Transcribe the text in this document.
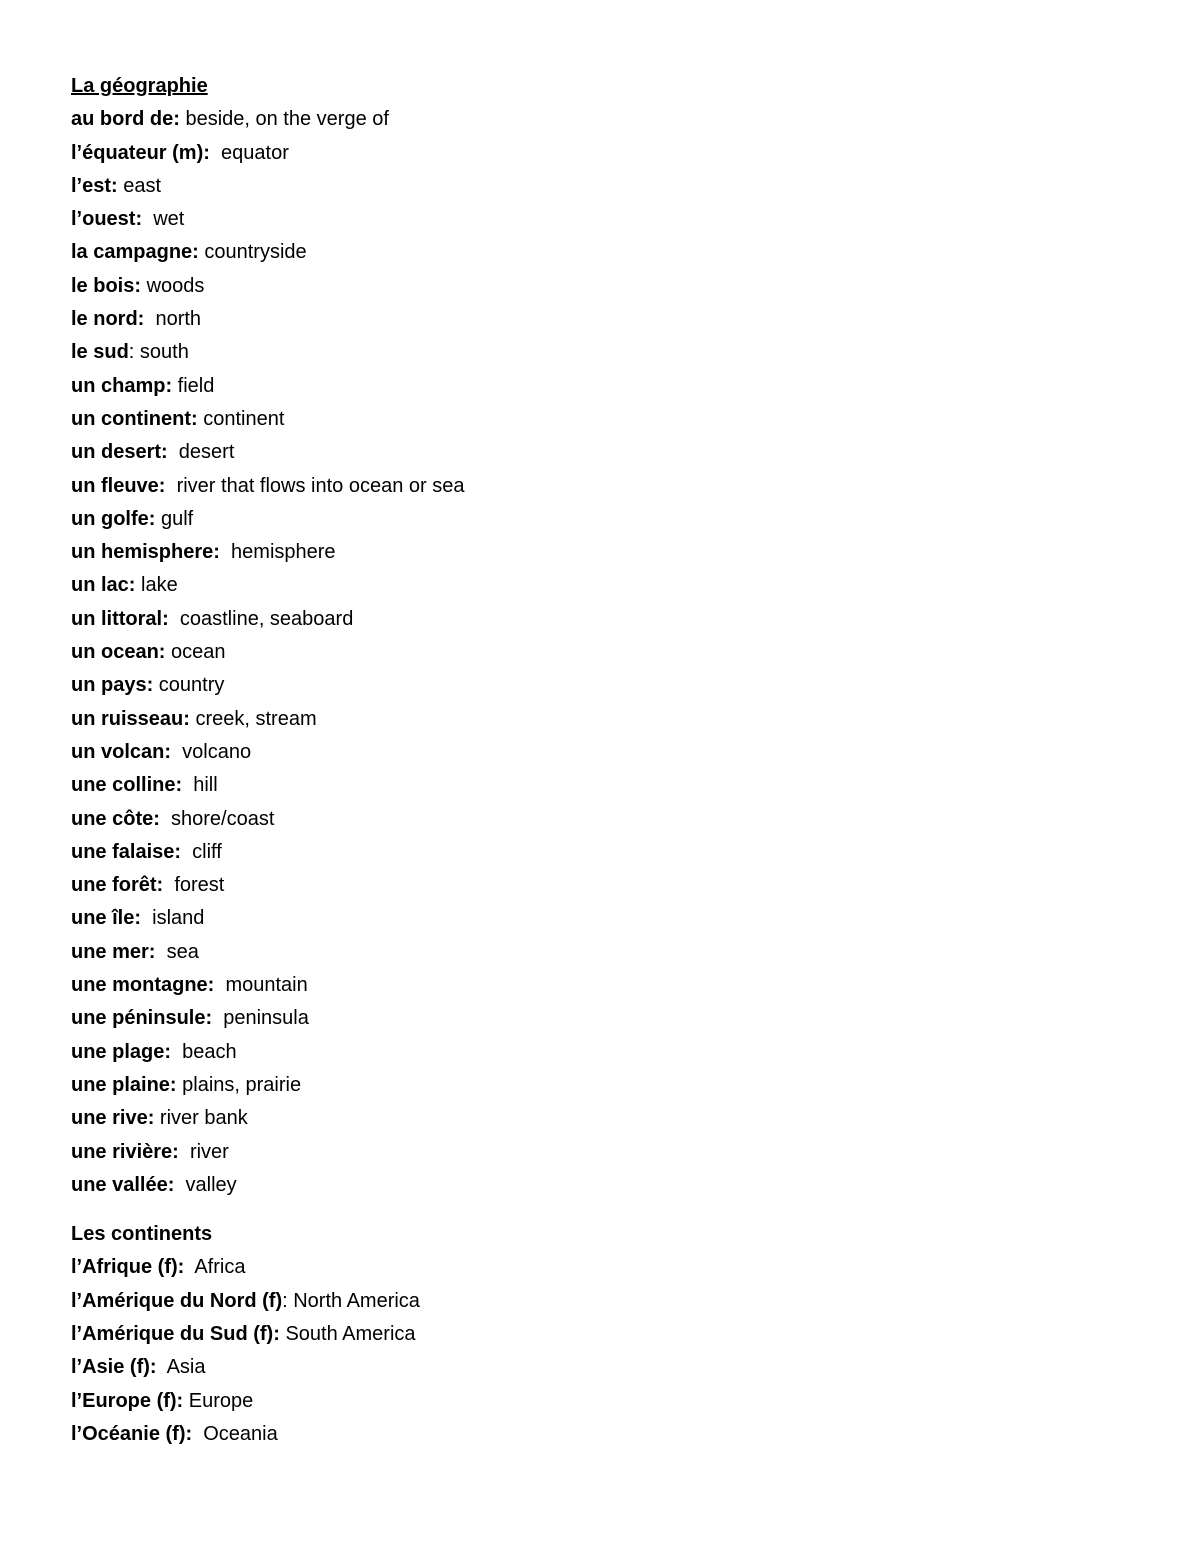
La géographie
au bord de: beside, on the verge of
l’équateur (m):  equator
l’est: east
l’ouest:  wet
la campagne: countryside
le bois: woods
le nord:  north
le sud: south
un champ: field
un continent: continent
un desert:  desert
un fleuve:  river that flows into ocean or sea
un golfe: gulf
un hemisphere:  hemisphere
un lac: lake
un littoral:  coastline, seaboard
un ocean: ocean
un pays: country
un ruisseau: creek, stream
un volcan:  volcano
une colline:  hill
une côte:  shore/coast
une falaise:  cliff
une forêt:  forest
une île:  island
une mer:  sea
une montagne:  mountain
une péninsule:  peninsula
une plage:  beach
une plaine: plains, prairie
une rive: river bank
une rivière:  river
une vallée:  valley
Les continents
l’Afrique (f):  Africa
l’Amérique du Nord (f): North America
l’Amérique du Sud (f): South America
l’Asie (f):  Asia
l’Europe (f): Europe
l’Océanie (f):  Oceania
